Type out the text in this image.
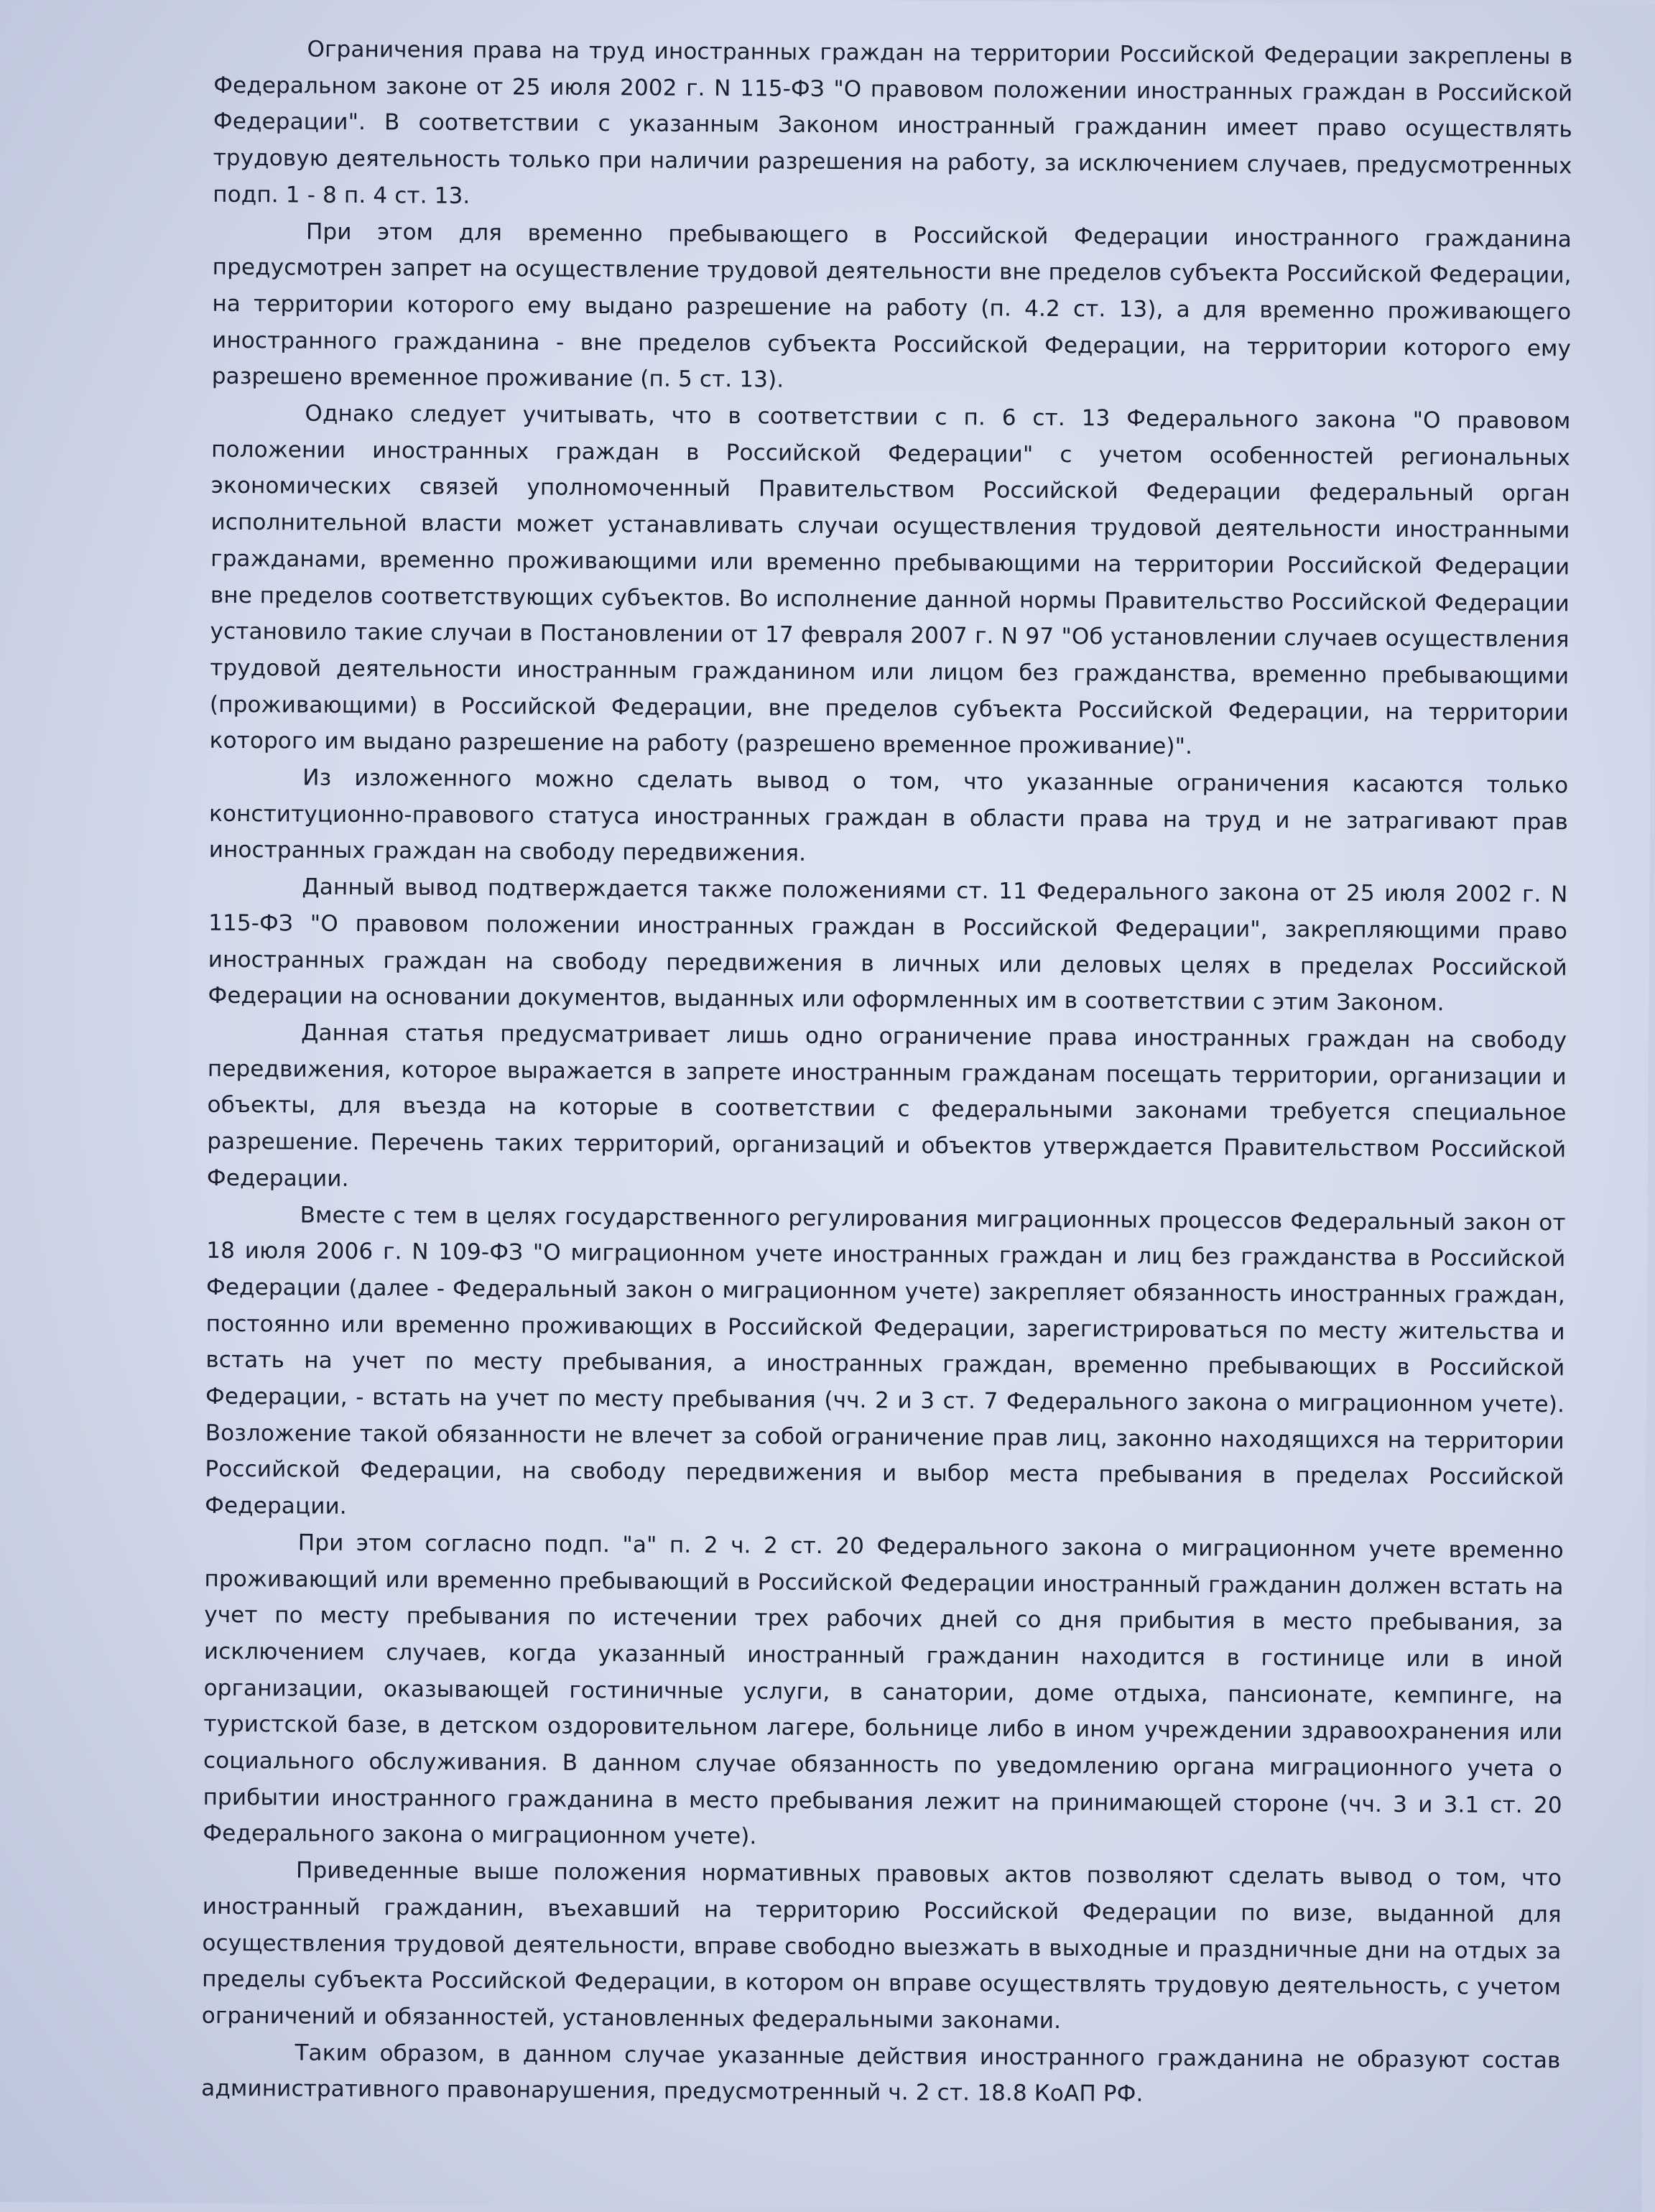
Ограничения права на труд иностранных граждан на территории Российской Федерации закреплены в Федеральном законе от 25 июля 2002 г. N 115-ФЗ "О правовом положении иностранных граждан в Российской Федерации". В соответствии с указанным Законом иностранный гражданин имеет право осуществлять трудовую деятельность только при наличии разрешения на работу, за исключением случаев, предусмотренных подп. 1 - 8 п. 4 ст. 13.

При этом для временно пребывающего в Российской Федерации иностранного гражданина предусмотрен запрет на осуществление трудовой деятельности вне пределов субъекта Российской Федерации, на территории которого ему выдано разрешение на работу (п. 4.2 ст. 13), а для временно проживающего иностранного гражданина - вне пределов субъекта Российской Федерации, на территории которого ему разрешено временное проживание (п. 5 ст. 13).

Однако следует учитывать, что в соответствии с п. 6 ст. 13 Федерального закона "О правовом положении иностранных граждан в Российской Федерации" с учетом особенностей региональных экономических связей уполномоченный Правительством Российской Федерации федеральный орган исполнительной власти может устанавливать случаи осуществления трудовой деятельности иностранными гражданами, временно проживающими или временно пребывающими на территории Российской Федерации вне пределов соответствующих субъектов. Во исполнение данной нормы Правительство Российской Федерации установило такие случаи в Постановлении от 17 февраля 2007 г. N 97 "Об установлении случаев осуществления трудовой деятельности иностранным гражданином или лицом без гражданства, временно пребывающими (проживающими) в Российской Федерации, вне пределов субъекта Российской Федерации, на территории которого им выдано разрешение на работу (разрешено временное проживание)".

Из изложенного можно сделать вывод о том, что указанные ограничения касаются только конституционно-правового статуса иностранных граждан в области права на труд и не затрагивают прав иностранных граждан на свободу передвижения.

Данный вывод подтверждается также положениями ст. 11 Федерального закона от 25 июля 2002 г. N 115-ФЗ "О правовом положении иностранных граждан в Российской Федерации", закрепляющими право иностранных граждан на свободу передвижения в личных или деловых целях в пределах Российской Федерации на основании документов, выданных или оформленных им в соответствии с этим Законом.

Данная статья предусматривает лишь одно ограничение права иностранных граждан на свободу передвижения, которое выражается в запрете иностранным гражданам посещать территории, организации и объекты, для въезда на которые в соответствии с федеральными законами требуется специальное разрешение. Перечень таких территорий, организаций и объектов утверждается Правительством Российской Федерации.

Вместе с тем в целях государственного регулирования миграционных процессов Федеральный закон от 18 июля 2006 г. N 109-ФЗ "О миграционном учете иностранных граждан и лиц без гражданства в Российской Федерации (далее - Федеральный закон о миграционном учете) закрепляет обязанность иностранных граждан, постоянно или временно проживающих в Российской Федерации, зарегистрироваться по месту жительства и встать на учет по месту пребывания, а иностранных граждан, временно пребывающих в Российской Федерации, - встать на учет по месту пребывания (чч. 2 и 3 ст. 7 Федерального закона о миграционном учете). Возложение такой обязанности не влечет за собой ограничение прав лиц, законно находящихся на территории Российской Федерации, на свободу передвижения и выбор места пребывания в пределах Российской Федерации.

При этом согласно подп. "а" п. 2 ч. 2 ст. 20 Федерального закона о миграционном учете временно проживающий или временно пребывающий в Российской Федерации иностранный гражданин должен встать на учет по месту пребывания по истечении трех рабочих дней со дня прибытия в место пребывания, за исключением случаев, когда указанный иностранный гражданин находится в гостинице или в иной организации, оказывающей гостиничные услуги, в санатории, доме отдыха, пансионате, кемпинге, на туристской базе, в детском оздоровительном лагере, больнице либо в ином учреждении здравоохранения или социального обслуживания. В данном случае обязанность по уведомлению органа миграционного учета о прибытии иностранного гражданина в место пребывания лежит на принимающей стороне (чч. 3 и 3.1 ст. 20 Федерального закона о миграционном учете).

Приведенные выше положения нормативных правовых актов позволяют сделать вывод о том, что иностранный гражданин, въехавший на территорию Российской Федерации по визе, выданной для осуществления трудовой деятельности, вправе свободно выезжать в выходные и праздничные дни на отдых за пределы субъекта Российской Федерации, в котором он вправе осуществлять трудовую деятельность, с учетом ограничений и обязанностей, установленных федеральными законами.

Таким образом, в данном случае указанные действия иностранного гражданина не образуют состав административного правонарушения, предусмотренный ч. 2 ст. 18.8 КоАП РФ.
